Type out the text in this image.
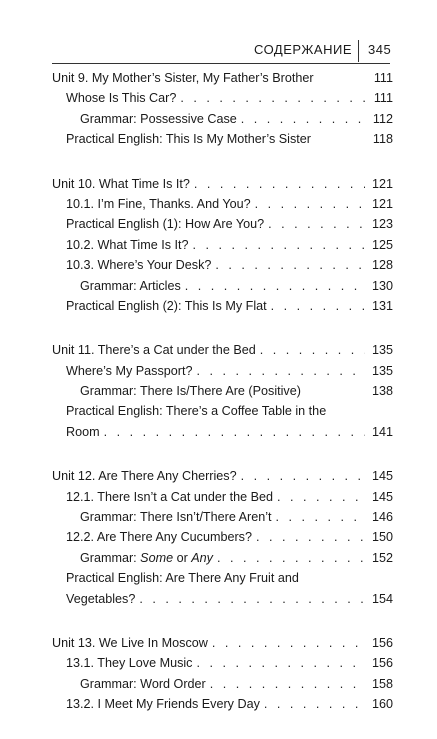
СОДЕРЖАНИЕ 345
Unit 9. My Mother’s Sister, My Father’s Brother	111
Whose Is This Car? . . .	111
Grammar: Possessive Case . . .	112
Practical English: This Is My Mother’s Sister	118
Unit 10. What Time Is It? . . .	121
10.1. I’m Fine, Thanks. And You? . . .	121
Practical English (1): How Are You? . . .	123
10.2. What Time Is It? . . .	125
10.3. Where’s Your Desk? . . .	128
Grammar: Articles . . .	130
Practical English (2): This Is My Flat . . .	131
Unit 11. There’s a Cat under the Bed . . .	135
Where’s My Passport? . . .	135
Grammar: There Is/There Are (Positive)	138
Practical English: There’s a Coffee Table in the
Room . . .	141
Unit 12. Are There Any Cherries? . . .	145
12.1. There Isn’t a Cat under the Bed . . .	145
Grammar: There Isn’t/There Aren’t . . .	146
12.2. Are There Any Cucumbers? . . .	150
Grammar: Some or Any . . .	152
Practical English: Are There Any Fruit and
Vegetables? . . .	154
Unit 13. We Live In Moscow . . .	156
13.1. They Love Music . . .	156
Grammar: Word Order . . .	158
13.2. I Meet My Friends Every Day . . .	160
